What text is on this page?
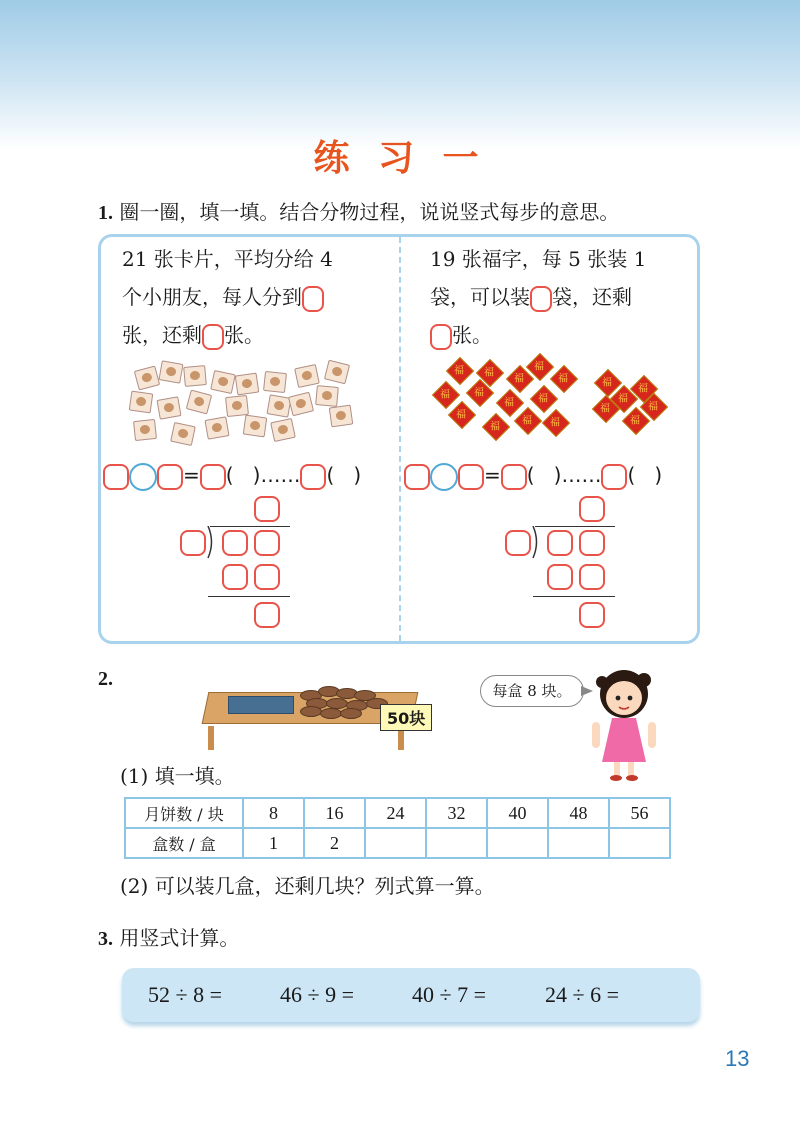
练 习 一
1. 圈一圈，填一填。结合分物过程，说说竖式每步的意思。
21 张卡片，平均分给 4
个小朋友，每人分到
张，还剩 张。
19 张福字，每 5 张装 1
袋，可以装 袋，还剩
张。
福
福
福
福
福
福
福
福
福
福
福
福
福	福
福
福
福
福
福
= ( )…… ( )	= ( )…… ( )
2.
50块
每盒 8 块。
(1) 填一填。
月饼数 / 块	8	16	24	32	40	48	56
盒数 / 盒	1	2					
(2) 可以装几盒，还剩几块？列式算一算。
3. 用竖式计算。
52 ÷ 8 =	46 ÷ 9 =	40 ÷ 7 =	24 ÷ 6 =
13
